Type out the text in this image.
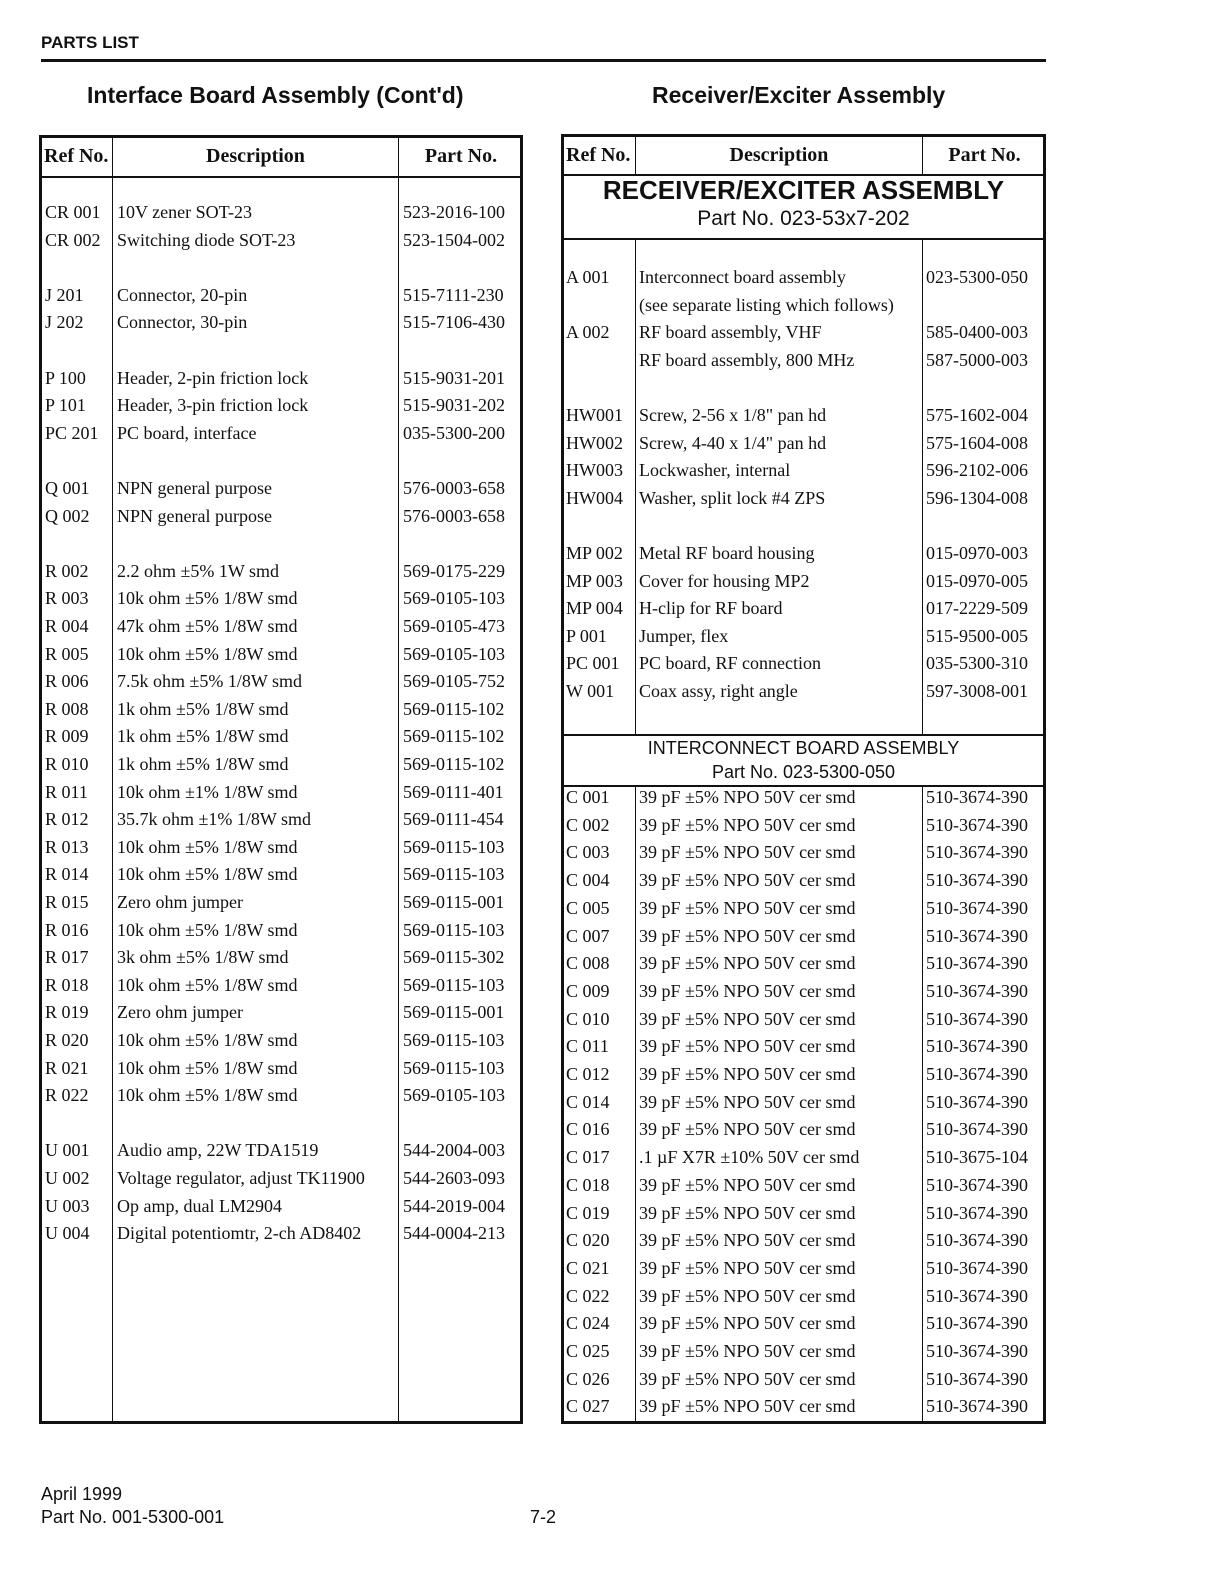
PARTS LIST
Interface Board Assembly (Cont'd)	Receiver/Exciter Assembly
Ref No.	Description	Part No.
CR 001 10V zener SOT-23	523-2016-100
CR 002 Switching diode SOT-23	523-1504-002
J 201 Connector, 20-pin	515-7111-230
J 202 Connector, 30-pin	515-7106-430
P 100 Header, 2-pin friction lock	515-9031-201
P 101 Header, 3-pin friction lock	515-9031-202
PC 201 PC board, interface	035-5300-200
Q 001 NPN general purpose	576-0003-658
Q 002 NPN general purpose	576-0003-658
R 002 2.2 ohm ±5% 1W smd	569-0175-229
R 003 10k ohm ±5% 1/8W smd	569-0105-103
R 004 47k ohm ±5% 1/8W smd	569-0105-473
R 005 10k ohm ±5% 1/8W smd	569-0105-103
R 006 7.5k ohm ±5% 1/8W smd	569-0105-752
R 008 1k ohm ±5% 1/8W smd	569-0115-102
R 009 1k ohm ±5% 1/8W smd	569-0115-102
R 010 1k ohm ±5% 1/8W smd	569-0115-102
R 011 10k ohm ±1% 1/8W smd	569-0111-401
R 012 35.7k ohm ±1% 1/8W smd	569-0111-454
R 013 10k ohm ±5% 1/8W smd	569-0115-103
R 014 10k ohm ±5% 1/8W smd	569-0115-103
R 015 Zero ohm jumper	569-0115-001
R 016 10k ohm ±5% 1/8W smd	569-0115-103
R 017 3k ohm ±5% 1/8W smd	569-0115-302
R 018 10k ohm ±5% 1/8W smd	569-0115-103
R 019 Zero ohm jumper	569-0115-001
R 020 10k ohm ±5% 1/8W smd	569-0115-103
R 021 10k ohm ±5% 1/8W smd	569-0115-103
R 022 10k ohm ±5% 1/8W smd	569-0105-103
U 001 Audio amp, 22W TDA1519	544-2004-003
U 002 Voltage regulator, adjust TK11900 544-2603-093
U 003 Op amp, dual LM2904	544-2019-004
U 004 Digital potentiomtr, 2-ch AD8402 544-0004-213
Ref No.	Description	Part No.
RECEIVER/EXCITER ASSEMBLY
Part No. 023-53x7-202
INTERCONNECT BOARD ASSEMBLY
Part No. 023-5300-050
A 001 Interconnect board assembly	023-5300-050
(see separate listing which follows)
A 002 RF board assembly, VHF	585-0400-003
RF board assembly, 800 MHz	587-5000-003
HW001 Screw, 2-56 x 1/8" pan hd	575-1602-004
HW002 Screw, 4-40 x 1/4" pan hd	575-1604-008
HW003 Lockwasher, internal	596-2102-006
HW004 Washer, split lock #4 ZPS	596-1304-008
MP 002 Metal RF board housing	015-0970-003
MP 003 Cover for housing MP2	015-0970-005
MP 004 H-clip for RF board	017-2229-509
P 001 Jumper, flex	515-9500-005
PC 001 PC board, RF connection	035-5300-310
W 001 Coax assy, right angle	597-3008-001
C 001 39 pF ±5% NPO 50V cer smd	510-3674-390
C 002 39 pF ±5% NPO 50V cer smd	510-3674-390
C 003 39 pF ±5% NPO 50V cer smd	510-3674-390
C 004 39 pF ±5% NPO 50V cer smd	510-3674-390
C 005 39 pF ±5% NPO 50V cer smd	510-3674-390
C 007 39 pF ±5% NPO 50V cer smd	510-3674-390
C 008 39 pF ±5% NPO 50V cer smd	510-3674-390
C 009 39 pF ±5% NPO 50V cer smd	510-3674-390
C 010 39 pF ±5% NPO 50V cer smd	510-3674-390
C 011 39 pF ±5% NPO 50V cer smd	510-3674-390
C 012 39 pF ±5% NPO 50V cer smd	510-3674-390
C 014 39 pF ±5% NPO 50V cer smd	510-3674-390
C 016 39 pF ±5% NPO 50V cer smd	510-3674-390
C 017 .1 µF X7R ±10% 50V cer smd	510-3675-104
C 018 39 pF ±5% NPO 50V cer smd	510-3674-390
C 019 39 pF ±5% NPO 50V cer smd	510-3674-390
C 020 39 pF ±5% NPO 50V cer smd	510-3674-390
C 021 39 pF ±5% NPO 50V cer smd	510-3674-390
C 022 39 pF ±5% NPO 50V cer smd	510-3674-390
C 024 39 pF ±5% NPO 50V cer smd	510-3674-390
C 025 39 pF ±5% NPO 50V cer smd	510-3674-390
C 026 39 pF ±5% NPO 50V cer smd	510-3674-390
C 027 39 pF ±5% NPO 50V cer smd	510-3674-390
April 1999
Part No. 001-5300-001	7-2
